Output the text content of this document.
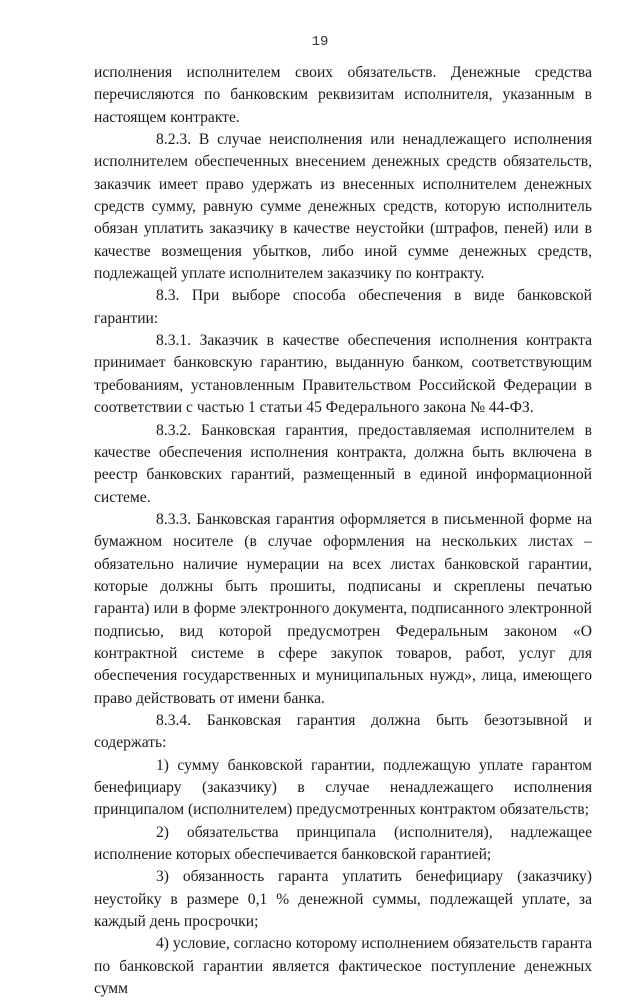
19

исполнения исполнителем своих обязательств. Денежные средства перечисляются по банковским реквизитам исполнителя, указанным в настоящем контракте.

8.2.3. В случае неисполнения или ненадлежащего исполнения исполнителем обеспеченных внесением денежных средств обязательств, заказчик имеет право удержать из внесенных исполнителем денежных средств сумму, равную сумме денежных средств, которую исполнитель обязан уплатить заказчику в качестве неустойки (штрафов, пеней) или в качестве возмещения убытков, либо иной сумме денежных средств, подлежащей уплате исполнителем заказчику по контракту.

8.3. При выборе способа обеспечения в виде банковской гарантии:

8.3.1. Заказчик в качестве обеспечения исполнения контракта принимает банковскую гарантию, выданную банком, соответствующим требованиям, установленным Правительством Российской Федерации в соответствии с частью 1 статьи 45 Федерального закона № 44-ФЗ.

8.3.2. Банковская гарантия, предоставляемая исполнителем в качестве обеспечения исполнения контракта, должна быть включена в реестр банковских гарантий, размещенный в единой информационной системе.

8.3.3. Банковская гарантия оформляется в письменной форме на бумажном носителе (в случае оформления на нескольких листах – обязательно наличие нумерации на всех листах банковской гарантии, которые должны быть прошиты, подписаны и скреплены печатью гаранта) или в форме электронного документа, подписанного электронной подписью, вид которой предусмотрен Федеральным законом «О контрактной системе в сфере закупок товаров, работ, услуг для обеспечения государственных и муниципальных нужд», лица, имеющего право действовать от имени банка.

8.3.4. Банковская гарантия должна быть безотзывной и содержать:

1) сумму банковской гарантии, подлежащую уплате гарантом бенефициару (заказчику) в случае ненадлежащего исполнения принципалом (исполнителем) предусмотренных контрактом обязательств;

2) обязательства принципала (исполнителя), надлежащее исполнение которых обеспечивается банковской гарантией;

3) обязанность гаранта уплатить бенефициару (заказчику) неустойку в размере 0,1 % денежной суммы, подлежащей уплате, за каждый день просрочки;

4) условие, согласно которому исполнением обязательств гаранта по банковской гарантии является фактическое поступление денежных сумм
